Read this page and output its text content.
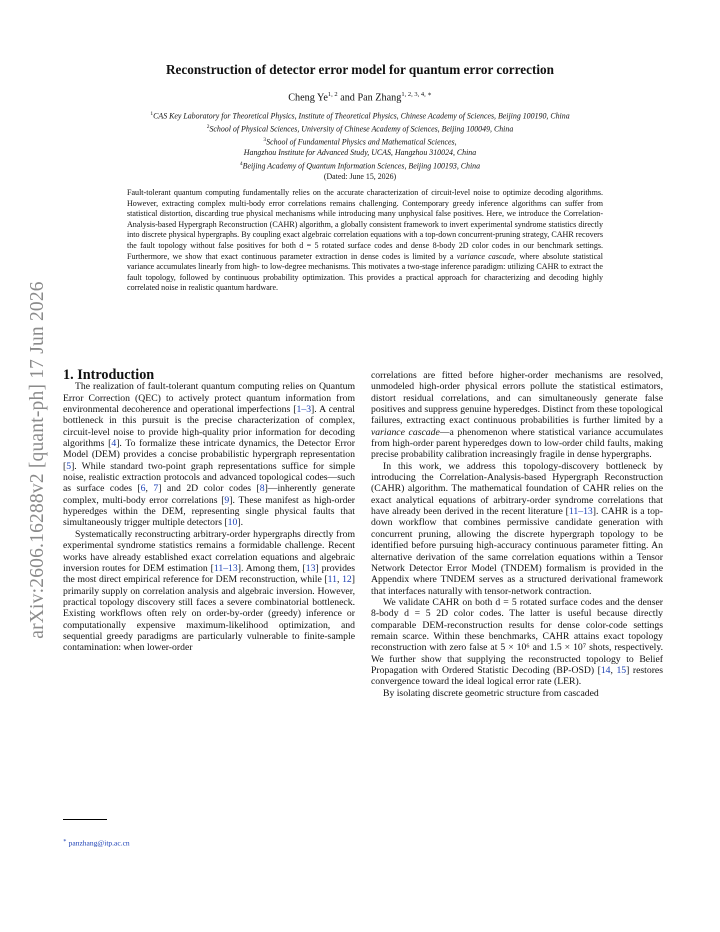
arXiv:2606.16288v2 [quant-ph] 17 Jun 2026
Reconstruction of detector error model for quantum error correction
Cheng Ye$^{1, 2}$ and Pan Zhang$^{1, 2, 3, 4, ∗}$
$^1$CAS Key Laboratory for Theoretical Physics, Institute of Theoretical Physics, Chinese Academy of Sciences, Beijing 100190, China
$^2$School of Physical Sciences, University of Chinese Academy of Sciences, Beijing 100049, China
$^3$School of Fundamental Physics and Mathematical Sciences,
Hangzhou Institute for Advanced Study, UCAS, Hangzhou 310024, China
$^4$Beijing Academy of Quantum Information Sciences, Beijing 100193, China
(Dated: June 15, 2026)

Fault-tolerant quantum computing fundamentally relies on the accurate characterization of circuit-level noise to optimize decoding algorithms. However, extracting complex multi-body error correlations remains challenging. Contemporary greedy inference algorithms can suffer from statistical distortion, discarding true physical mechanisms while introducing many unphysical false positives. Here, we introduce the Correlation-Analysis-based Hypergraph Reconstruction (CAHR) algorithm, a globally consistent framework to invert experimental syndrome statistics directly into discrete physical hypergraphs. By coupling exact algebraic correlation equations with a top-down concurrent-pruning strategy, CAHR recovers the fault topology without false positives for both d = 5 rotated surface codes and dense 8-body 2D color codes in our benchmark settings. Furthermore, we show that exact continuous parameter extraction in dense codes is limited by a variance cascade, where absolute statistical variance accumulates linearly from high- to low-degree mechanisms. This motivates a two-stage inference paradigm: utilizing CAHR to extract the fault topology, followed by continuous probability optimization. This provides a practical approach for characterizing and decoding highly correlated noise in realistic quantum hardware.

1. Introduction

The realization of fault-tolerant quantum computing relies on Quantum Error Correction (QEC) to actively protect quantum information from environmental decoherence and operational imperfections [1–3]. A central bottleneck in this pursuit is the precise characterization of complex, circuit-level noise to provide high-quality prior information for decoding algorithms [4]. To formalize these intricate dynamics, the Detector Error Model (DEM) provides a concise probabilistic hypergraph representation [5]. While standard two-point graph representations suffice for simple noise, realistic extraction protocols and advanced topological codes—such as surface codes [6, 7] and 2D color codes [8]—inherently generate complex, multi-body error correlations [9]. These manifest as high-order hyperedges within the DEM, representing single physical faults that simultaneously trigger multiple detectors [10].

Systematically reconstructing arbitrary-order hypergraphs directly from experimental syndrome statistics remains a formidable challenge. Recent works have already established exact correlation equations and algebraic inversion routes for DEM estimation [11–13]. Among them, [13] provides the most direct empirical reference for DEM reconstruction, while [11, 12] primarily supply on correlation analysis and algebraic inversion. However, practical topology discovery still faces a severe combinatorial bottleneck. Existing workflows often rely on order-by-order (greedy) inference or computationally expensive maximum-likelihood optimization, and sequential greedy paradigms are particularly vulnerable to finite-sample contamination: when lower-order

correlations are fitted before higher-order mechanisms are resolved, unmodeled high-order physical errors pollute the statistical estimators, distort residual correlations, and can simultaneously generate false positives and suppress genuine hyperedges. Distinct from these topological failures, extracting exact continuous probabilities is further limited by a variance cascade—a phenomenon where statistical variance accumulates from high-order parent hyperedges down to low-order child faults, making precise probability calibration increasingly fragile in dense hypergraphs.

In this work, we address this topology-discovery bottleneck by introducing the Correlation-Analysis-based Hypergraph Reconstruction (CAHR) algorithm. The mathematical foundation of CAHR relies on the exact analytical equations of arbitrary-order syndrome correlations that have already been derived in the recent literature [11–13]. CAHR is a top-down workflow that combines permissive candidate generation with concurrent pruning, allowing the discrete hypergraph topology to be identified before pursuing high-accuracy continuous parameter fitting. An alternative derivation of the same correlation equations within a Tensor Network Detector Error Model (TNDEM) formalism is provided in the Appendix where TNDEM serves as a structured derivational framework that interfaces naturally with tensor-network contraction.

We validate CAHR on both d = 5 rotated surface codes and the denser 8-body d = 5 2D color codes. The latter is useful because directly comparable DEM-reconstruction results for dense color-code settings remain scarce. Within these benchmarks, CAHR attains exact topology reconstruction with zero false at 5 × 10⁶ and 1.5 × 10⁷ shots, respectively. We further show that supplying the reconstructed topology to Belief Propagation with Ordered Statistic Decoding (BP-OSD) [14, 15] restores convergence toward the ideal logical error rate (LER).

By isolating discrete geometric structure from cascaded

∗ panzhang@itp.ac.cn
